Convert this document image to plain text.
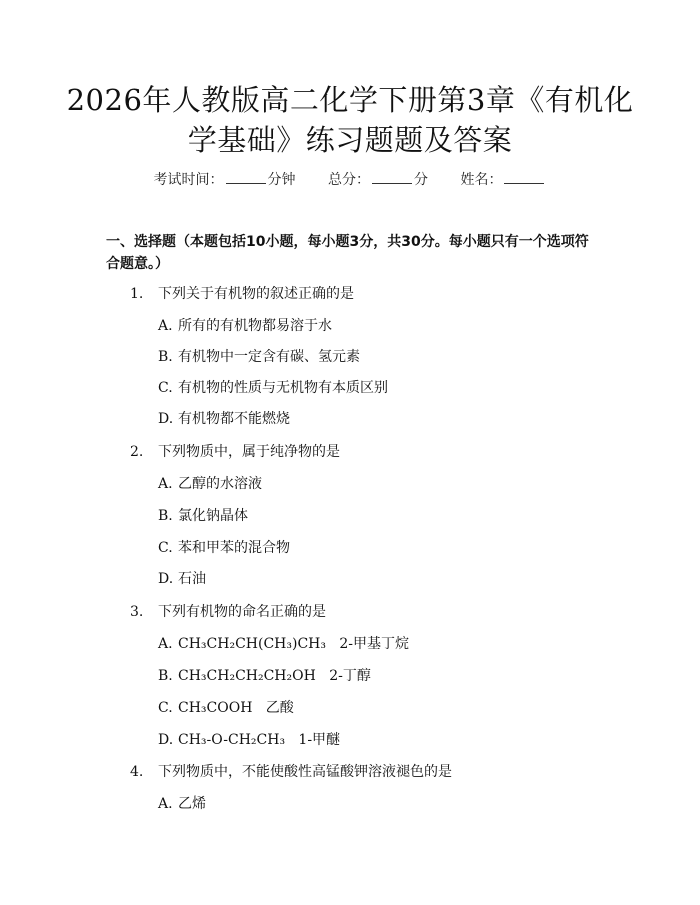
2026年人教版高二化学下册第3章《有机化
学基础》练习题题及答案
考试时间：	分钟 总分：	分 姓名：
一、选择题（本题包括10小题，每小题3分，共30分。每小题只有一个选项符合题意。）
1. 下列关于有机物的叙述正确的是
A. 所有的有机物都易溶于水
B. 有机物中一定含有碳、氢元素
C. 有机物的性质与无机物有本质区别
D. 有机物都不能燃烧
2. 下列物质中，属于纯净物的是
A. 乙醇的水溶液
B. 氯化钠晶体
C. 苯和甲苯的混合物
D. 石油
3. 下列有机物的命名正确的是
A. CH₃CH₂CH(CH₃)CH₃ 2-甲基丁烷
B. CH₃CH₂CH₂CH₂OH 2-丁醇
C. CH₃COOH 乙酸
D. CH₃-O-CH₂CH₃ 1-甲醚
4. 下列物质中，不能使酸性高锰酸钾溶液褪色的是
A. 乙烯
